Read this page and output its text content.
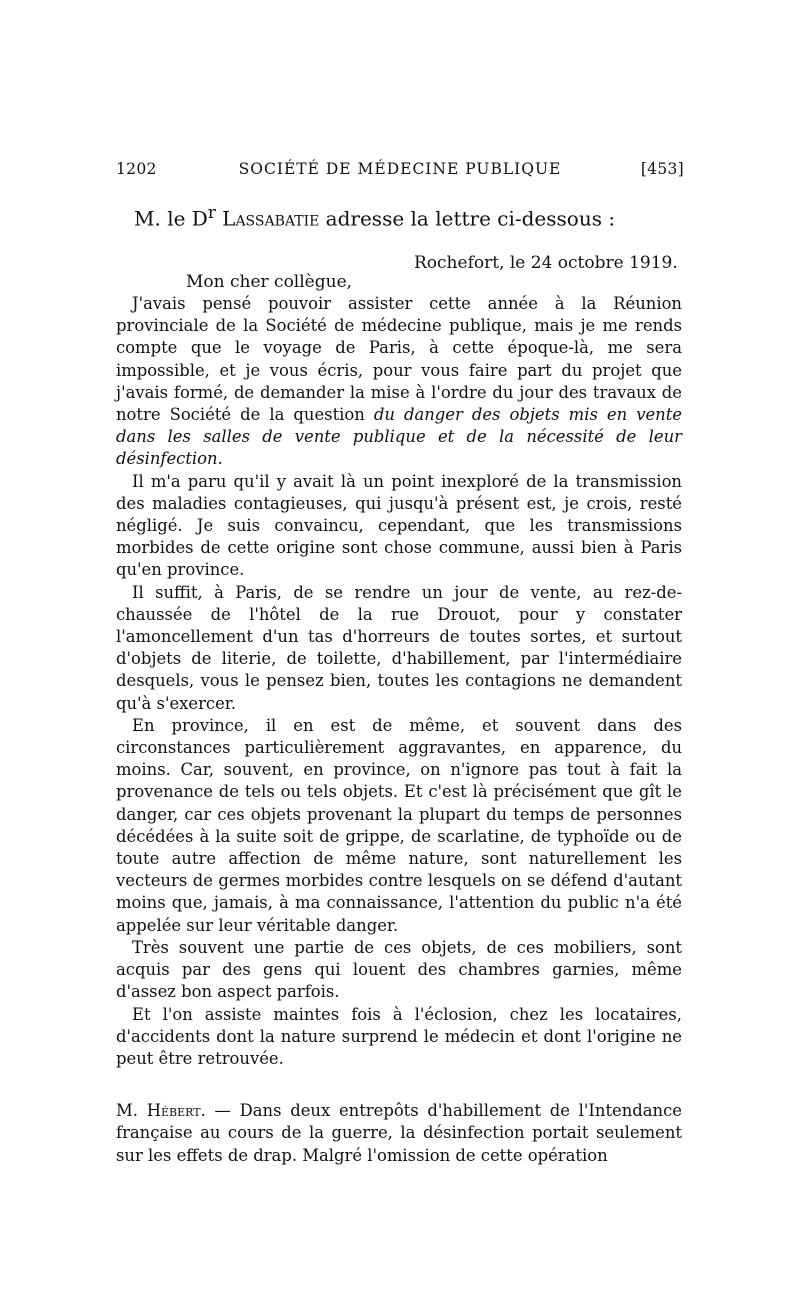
1202	SOCIÉTÉ DE MÉDECINE PUBLIQUE	[453]
M. le $D^r$ Lassabatie adresse la lettre ci-dessous :
Rochefort, le 24 octobre 1919.
Mon cher collègue,

J'avais pensé pouvoir assister cette année à la Réunion provinciale de la Société de médecine publique, mais je me rends compte que le voyage de Paris, à cette époque-là, me sera impossible, et je vous écris, pour vous faire part du projet que j'avais formé, de demander la mise à l'ordre du jour des travaux de notre Société de la question du danger des objets mis en vente dans les salles de vente publique et de la nécessité de leur désinfection.

Il m'a paru qu'il y avait là un point inexploré de la transmission des maladies contagieuses, qui jusqu'à présent est, je crois, resté négligé. Je suis convaincu, cependant, que les transmissions morbides de cette origine sont chose commune, aussi bien à Paris qu'en province.

Il suffit, à Paris, de se rendre un jour de vente, au rez-de-chaussée de l'hôtel de la rue Drouot, pour y constater l'amoncellement d'un tas d'horreurs de toutes sortes, et surtout d'objets de literie, de toilette, d'habillement, par l'intermédiaire desquels, vous le pensez bien, toutes les contagions ne demandent qu'à s'exercer.

En province, il en est de même, et souvent dans des circonstances particulièrement aggravantes, en apparence, du moins. Car, souvent, en province, on n'ignore pas tout à fait la provenance de tels ou tels objets. Et c'est là précisément que gît le danger, car ces objets provenant la plupart du temps de personnes décédées à la suite soit de grippe, de scarlatine, de typhoïde ou de toute autre affection de même nature, sont naturellement les vecteurs de germes morbides contre lesquels on se défend d'autant moins que, jamais, à ma connaissance, l'attention du public n'a été appelée sur leur véritable danger.

Très souvent une partie de ces objets, de ces mobiliers, sont acquis par des gens qui louent des chambres garnies, même d'assez bon aspect parfois.

Et l'on assiste maintes fois à l'éclosion, chez les locataires, d'accidents dont la nature surprend le médecin et dont l'origine ne peut être retrouvée.

M. Hébert. — Dans deux entrepôts d'habillement de l'Intendance française au cours de la guerre, la désinfection portait seulement sur les effets de drap. Malgré l'omission de cette opération
